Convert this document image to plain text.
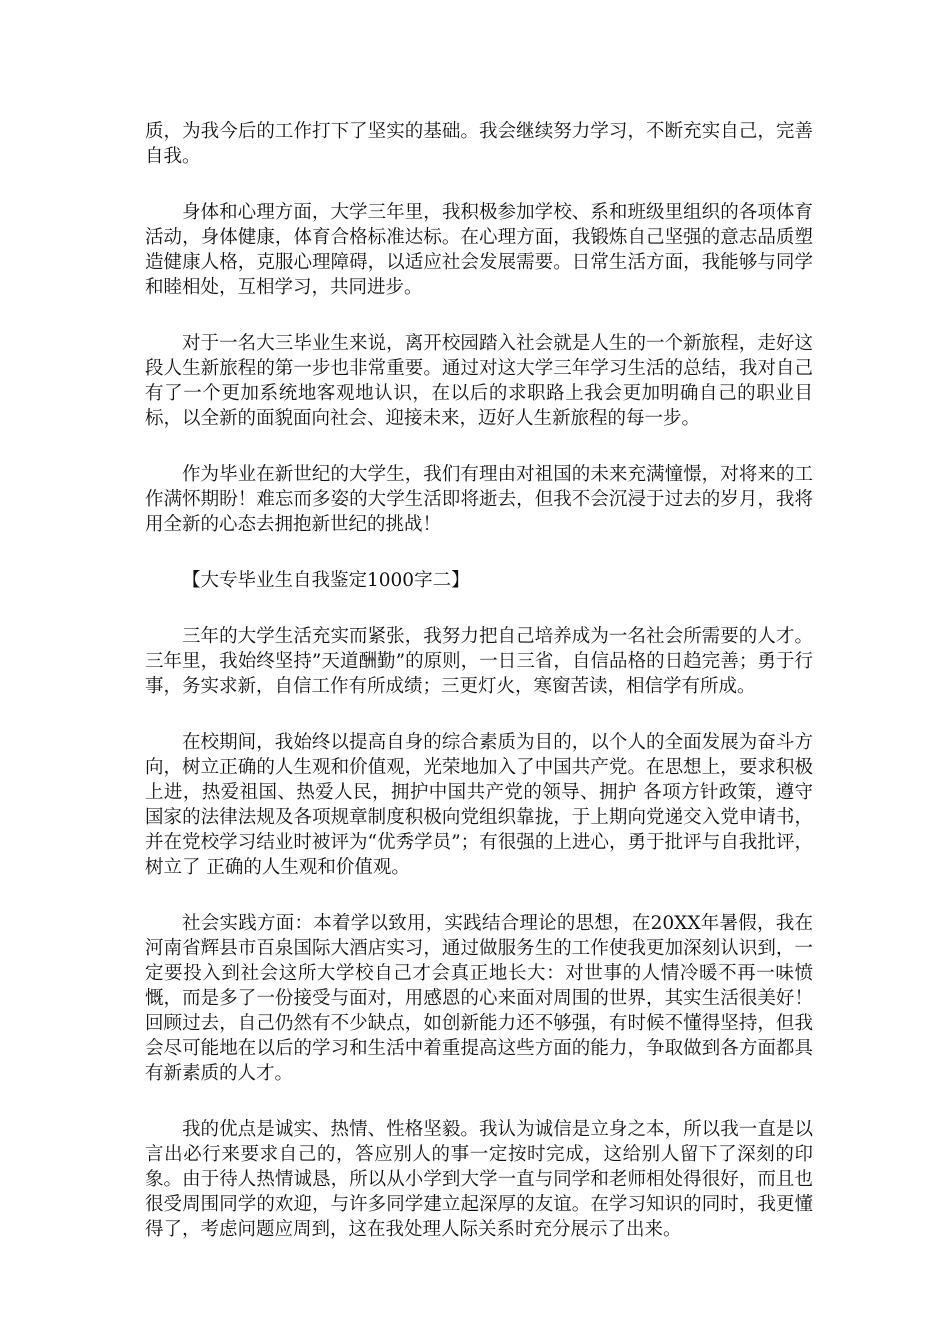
质，为我今后的工作打下了坚实的基础。我会继续努力学习，不断充实自己，完善自我。

身体和心理方面，大学三年里，我积极参加学校、系和班级里组织的各项体育活动，身体健康，体育合格标准达标。在心理方面，我锻炼自己坚强的意志品质塑造健康人格，克服心理障碍，以适应社会发展需要。日常生活方面，我能够与同学和睦相处，互相学习，共同进步。

对于一名大三毕业生来说，离开校园踏入社会就是人生的一个新旅程，走好这段人生新旅程的第一步也非常重要。通过对这大学三年学习生活的总结，我对自己有了一个更加系统地客观地认识，在以后的求职路上我会更加明确自己的职业目标，以全新的面貌面向社会、迎接未来，迈好人生新旅程的每一步。

作为毕业在新世纪的大学生，我们有理由对祖国的未来充满憧憬，对将来的工作满怀期盼！难忘而多姿的大学生活即将逝去，但我不会沉浸于过去的岁月，我将用全新的心态去拥抱新世纪的挑战！

【大专毕业生自我鉴定1000字二】

三年的大学生活充实而紧张，我努力把自己培养成为一名社会所需要的人才。三年里，我始终坚持”天道酬勤”的原则，一日三省，自信品格的日趋完善；勇于行事，务实求新，自信工作有所成绩；三更灯火，寒窗苦读，相信学有所成。

在校期间，我始终以提高自身的综合素质为目的，以个人的全面发展为奋斗方向，树立正确的人生观和价值观，光荣地加入了中国共产党。在思想上，要求积极上进，热爱祖国、热爱人民，拥护中国共产党的领导、拥护 各项方针政策，遵守国家的法律法规及各项规章制度积极向党组织靠拢，于上期向党递交入党申请书，并在党校学习结业时被评为“优秀学员”；有很强的上进心，勇于批评与自我批评，树立了 正确的人生观和价值观。

社会实践方面：本着学以致用，实践结合理论的思想，在20XX年暑假，我在河南省辉县市百泉国际大酒店实习，通过做服务生的工作使我更加深刻认识到，一定要投入到社会这所大学校自己才会真正地长大：对世事的人情冷暖不再一味愤慨，而是多了一份接受与面对，用感恩的心来面对周围的世界，其实生活很美好！回顾过去，自己仍然有不少缺点，如创新能力还不够强，有时候不懂得坚持，但我会尽可能地在以后的学习和生活中着重提高这些方面的能力，争取做到各方面都具有新素质的人才。

我的优点是诚实、热情、性格坚毅。我认为诚信是立身之本，所以我一直是以言出必行来要求自己的，答应别人的事一定按时完成，这给别人留下了深刻的印象。由于待人热情诚恳，所以从小学到大学一直与同学和老师相处得很好，而且也很受周围同学的欢迎，与许多同学建立起深厚的友谊。在学习知识的同时，我更懂得了，考虑问题应周到，这在我处理人际关系时充分展示了出来。
